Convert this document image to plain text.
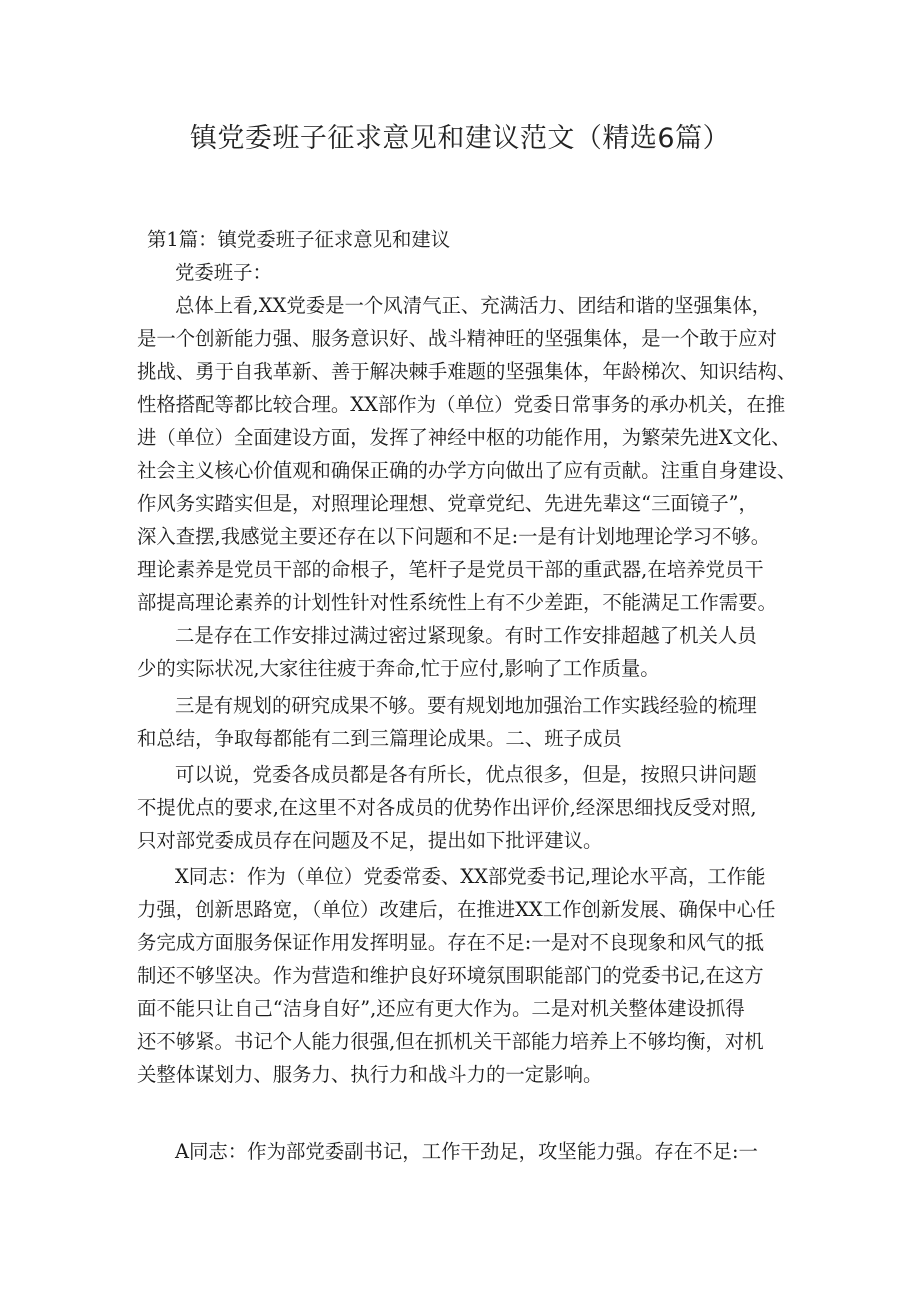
镇党委班子征求意见和建议范文（精选6篇）
第1篇：镇党委班子征求意见和建议
党委班子：
总体上看,XX党委是一个风清气正、充满活力、团结和谐的坚强集体，
是一个创新能力强、服务意识好、战斗精神旺的坚强集体，是一个敢于应对
挑战、勇于自我革新、善于解决棘手难题的坚强集体，年龄梯次、知识结构、
性格搭配等都比较合理。XX部作为（单位）党委日常事务的承办机关，在推
进（单位）全面建设方面，发挥了神经中枢的功能作用，为繁荣先进X文化、
社会主义核心价值观和确保正确的办学方向做出了应有贡献。注重自身建设、
作风务实踏实但是，对照理论理想、党章党纪、先进先辈这“三面镜子”，
深入查摆,我感觉主要还存在以下问题和不足:一是有计划地理论学习不够。
理论素养是党员干部的命根子，笔杆子是党员干部的重武器,在培养党员干
部提高理论素养的计划性针对性系统性上有不少差距，不能满足工作需要。
二是存在工作安排过满过密过紧现象。有时工作安排超越了机关人员
少的实际状况,大家往往疲于奔命,忙于应付,影响了工作质量。
三是有规划的研究成果不够。要有规划地加强治工作实践经验的梳理
和总结，争取每都能有二到三篇理论成果。二、班子成员
可以说，党委各成员都是各有所长，优点很多，但是，按照只讲问题
不提优点的要求,在这里不对各成员的优势作出评价,经深思细找反受对照,
只对部党委成员存在问题及不足，提出如下批评建议。
X同志：作为（单位）党委常委、XX部党委书记,理论水平高，工作能
力强，创新思路宽，（单位）改建后，在推进XX工作创新发展、确保中心任
务完成方面服务保证作用发挥明显。存在不足:一是对不良现象和风气的抵
制还不够坚决。作为营造和维护良好环境氛围职能部门的党委书记,在这方
面不能只让自己“洁身自好”,还应有更大作为。二是对机关整体建设抓得
还不够紧。书记个人能力很强,但在抓机关干部能力培养上不够均衡，对机
关整体谋划力、服务力、执行力和战斗力的一定影响。
A同志：作为部党委副书记，工作干劲足，攻坚能力强。存在不足:一
